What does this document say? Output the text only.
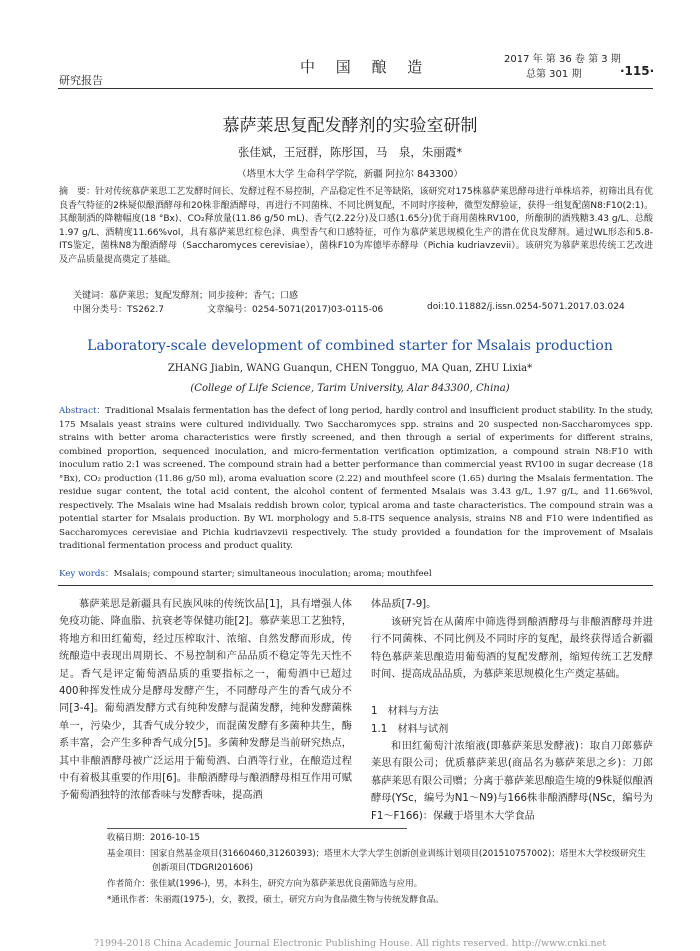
中 国 酿 造	2017 年 第 36 卷 第 3 期
总第 301 期	·115·
研究报告
慕萨莱思复配发酵剂的实验室研制
张佳斌，王冠群，陈彤国，马　泉，朱丽霞*
（塔里木大学 生命科学学院，新疆 阿拉尔 843300）
摘　要：针对传统慕萨莱思工艺发酵时间长、发酵过程不易控制，产品稳定性不足等缺陷，该研究对175株慕萨莱思酵母进行单株培养，初筛出具有优良香气特征的2株疑似酿酒酵母和20株非酿酒酵母，再进行不同菌株、不同比例复配，不同时序接种，微型发酵验证，获得一组复配菌N8:F10(2:1)。其酿制酒的降糖幅度(18 °Bx)、CO₂释放量(11.86 g/50 mL)、香气(2.22分)及口感(1.65分)优于商用菌株RV100，所酿制的酒残糖3.43 g/L、总酸1.97 g/L、酒精度11.66%vol，具有慕萨莱思红棕色泽、典型香气和口感特征，可作为慕萨莱思规模化生产的潜在优良发酵剂。通过WL形态和5.8-ITS鉴定，菌株N8为酿酒酵母（Saccharomyces cerevisiae），菌株F10为库德毕赤酵母（Pichia kudriavzevii）。该研究为慕萨莱思传统工艺改进及产品质量提高奠定了基础。
关键词：慕萨莱思；复配发酵剂；同步接种；香气；口感
中图分类号：TS262.7	文章编号：0254-5071(2017)03-0115-06	doi:10.11882/j.issn.0254-5071.2017.03.024
Laboratory-scale development of combined starter for Msalais production
ZHANG Jiabin, WANG Guanqun, CHEN Tongguo, MA Quan, ZHU Lixia*
(College of Life Science, Tarim University, Alar 843300, China)
Abstract：Traditional Msalais fermentation has the defect of long period, hardly control and insufficient product stability. In the study, 175 Msalais yeast strains were cultured individually. Two Saccharomyces spp. strains and 20 suspected non-Saccharomyces spp. strains with better aroma characteristics were firstly screened, and then through a serial of experiments for different strains, combined proportion, sequenced inoculation, and micro-fermentation verification optimization, a compound strain N8:F10 with inoculum ratio 2:1 was screened. The compound strain had a better performance than commercial yeast RV100 in sugar decrease (18 °Bx), CO₂ production (11.86 g/50 ml), aroma evaluation score (2.22) and mouthfeel score (1.65) during the Msalais fermentation. The residue sugar content, the total acid content, the alcohol content of fermented Msalais was 3.43 g/L, 1.97 g/L, and 11.66%vol, respectively. The Msalais wine had Msalais reddish brown color, typical aroma and taste characteristics. The compound strain was a potential starter for Msalais production. By WL morphology and 5.8-ITS sequence analysis, strains N8 and F10 were indentified as Saccharomyces cerevisiae and Pichia kudriavzevii respectively. The study provided a foundation for the improvement of Msalais traditional fermentation process and product quality.
Key words：Msalais; compound starter; simultaneous inoculation; aroma; mouthfeel
慕萨莱思是新疆具有民族风味的传统饮品[1]，具有增强人体免疫功能、降血脂、抗衰老等保健功能[2]。慕萨莱思工艺独特，将地方和田红葡萄，经过压榨取汁、浓缩、自然发酵而形成，传统酿造中表现出周期长、不易控制和产品品质不稳定等先天性不足。香气是评定葡萄酒品质的重要指标之一，葡萄酒中已超过400种挥发性成分是酵母发酵产生，不同酵母产生的香气成分不同[3-4]。葡萄酒发酵方式有纯种发酵与混菌发酵，纯种发酵菌株单一，污染少，其香气成分较少，而混菌发酵有多菌种共生，酶系丰富，会产生多种香气成分[5]。多菌种发酵是当前研究热点，其中非酿酒酵母被广泛运用于葡萄酒、白酒等行业，在酿造过程中有着极其重要的作用[6]。非酿酒酵母与酿酒酵母相互作用可赋予葡萄酒独特的浓郁香味与发酵香味，提高酒
体品质[7-9]。
该研究旨在从菌库中筛选得到酿酒酵母与非酿酒酵母并进行不同菌株、不同比例及不同时序的复配，最终获得适合新疆特色慕萨莱思酿造用葡萄酒的复配发酵剂，缩短传统工艺发酵时间、提高成品品质，为慕萨莱思规模化生产奠定基础。
1　材料与方法
1.1　材料与试剂
和田红葡萄汁浓缩液(即慕萨莱思发酵液)：取自刀郎慕萨莱思有限公司；优质慕萨莱思(商品名为慕萨莱思之乡)：刀郎慕萨莱思有限公司赠；分离于慕萨莱思酿造生境的9株疑似酿酒酵母(YSc，编号为N1～N9)与166株非酿酒酵母(NSc，编号为F1～F166)：保藏于塔里木大学食品
收稿日期：2016-10-15
基金项目：国家自然基金项目(31660460,31260393)；塔里木大学大学生创新创业训练计划项目(201510757002)；塔里木大学校级研究生
创新项目(TDGRI201606)
作者简介：张佳斌(1996-)，男，本科生，研究方向为慕萨莱思优良菌筛选与应用。
*通讯作者：朱丽霞(1975-)，女，教授，硕士，研究方向为食品微生物与传统发酵食品。
?1994-2018 China Academic Journal Electronic Publishing House. All rights reserved. http://www.cnki.net
